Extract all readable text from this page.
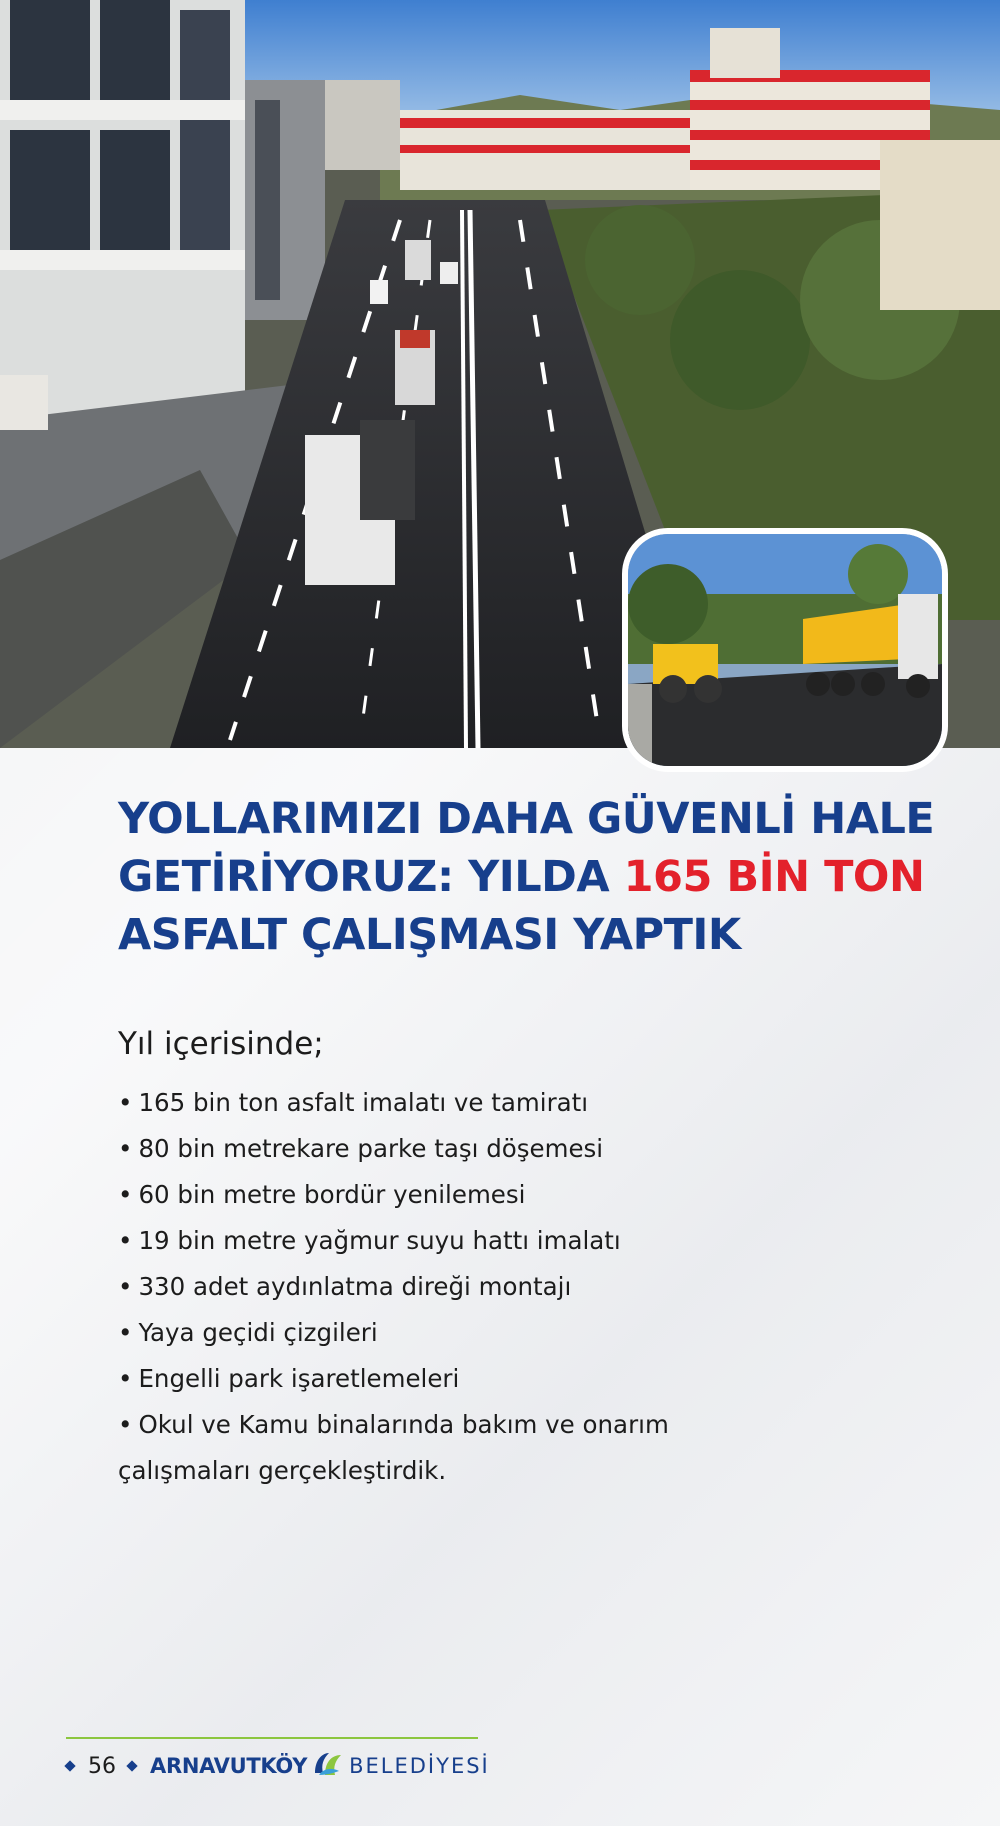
YOLLARIMIZI DAHA GÜVENLİ HALE
GETİRİYORUZ: YILDA 165 BİN TON
ASFALT ÇALIŞMASI YAPTIK
Yıl içerisinde;
• 165 bin ton asfalt imalatı ve tamiratı
• 80 bin metrekare parke taşı döşemesi
• 60 bin metre bordür yenilemesi
• 19 bin metre yağmur suyu hattı imalatı
• 330 adet aydınlatma direği montajı
• Yaya geçidi çizgileri
• Engelli park işaretlemeleri
• Okul ve Kamu binalarında bakım ve onarım
çalışmaları gerçekleştirdik.
56 ARNAVUTKÖY BELEDİYESİ
